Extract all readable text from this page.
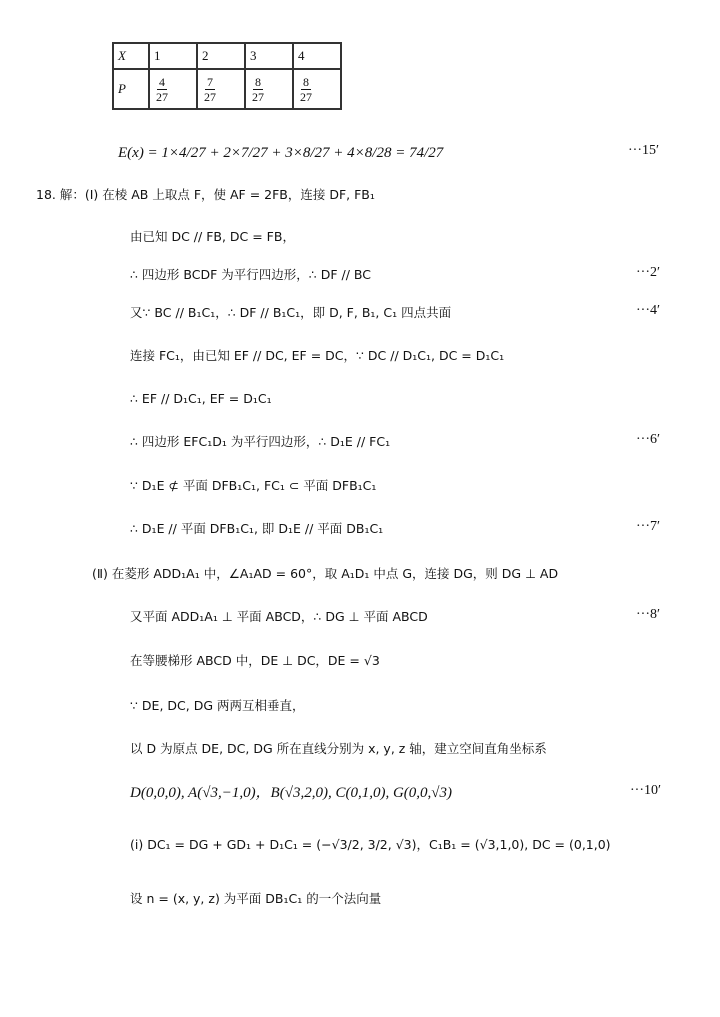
X	1	2	3	4
P	$\frac{4}{27}$	$\frac{7}{27}$	$\frac{8}{27}$	$\frac{8}{27}$
E(x) = 1×4/27 + 2×7/27 + 3×8/27 + 4×8/28 = 74/27	···15′
18. 解：(Ⅰ) 在棱 AB 上取点 F，使 AF = 2FB，连接 DF, FB₁
由已知 DC // FB, DC = FB，
∴ 四边形 BCDF 为平行四边形，∴ DF // BC	···2′
又∵ BC // B₁C₁，∴ DF // B₁C₁，即 D, F, B₁, C₁ 四点共面	···4′
连接 FC₁，由已知 EF // DC, EF = DC，∵ DC // D₁C₁, DC = D₁C₁
∴ EF // D₁C₁, EF = D₁C₁
∴ 四边形 EFC₁D₁ 为平行四边形，∴ D₁E // FC₁	···6′
∵ D₁E ⊄ 平面 DFB₁C₁, FC₁ ⊂ 平面 DFB₁C₁
∴ D₁E // 平面 DFB₁C₁, 即 D₁E // 平面 DB₁C₁	···7′
(Ⅱ) 在菱形 ADD₁A₁ 中，∠A₁AD = 60°，取 A₁D₁ 中点 G，连接 DG，则 DG ⊥ AD
又平面 ADD₁A₁ ⊥ 平面 ABCD，∴ DG ⊥ 平面 ABCD	···8′
在等腰梯形 ABCD 中，DE ⊥ DC，DE = √3
∵ DE, DC, DG 两两互相垂直，
以 D 为原点 DE, DC, DG 所在直线分别为 x, y, z 轴，建立空间直角坐标系
D(0,0,0), A(√3,−1,0)，B(√3,2,0), C(0,1,0), G(0,0,√3)	···10′
(ⅰ) DC₁ = DG + GD₁ + D₁C₁ = (−√3/2, 3/2, √3)，C₁B₁ = (√3,1,0), DC = (0,1,0)
设 n = (x, y, z) 为平面 DB₁C₁ 的一个法向量
